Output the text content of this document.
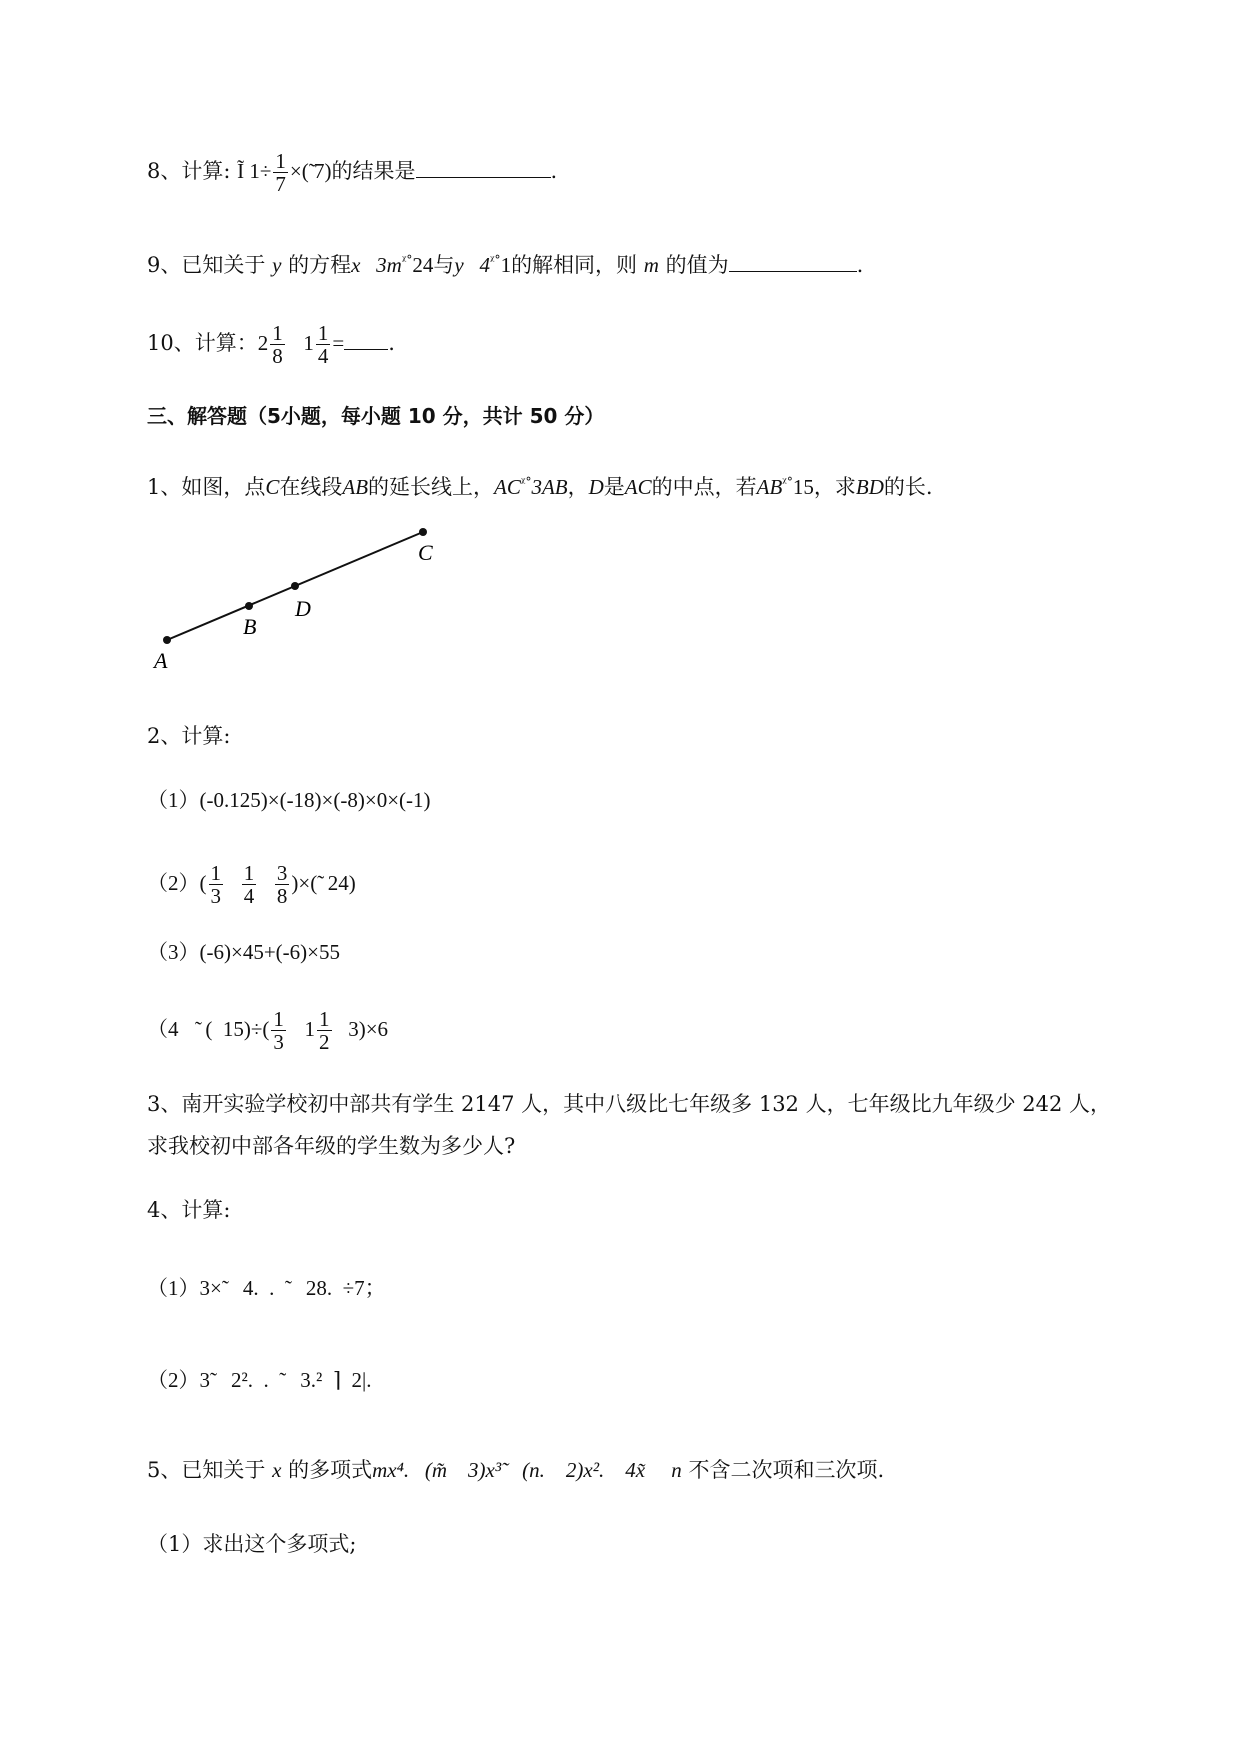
8、计算: Ĩ $1\div \frac{1}{7}$ ×(̃ 7)的结果是	.
9、已知关于 y 的方程x   $3m^{ᵡ^\circ}24$与y   $4^{ᵡ^\circ}1$的解相同，则 m 的值为	.
10、计算：$2 \frac{1}{8} 1 \frac{1}{4}$ = .
三、解答题（5小题，每小题 10 分，共计 50 分）
1、如图，点C在线段AB的延长线上，$AC^{ᵡ^\circ}3AB$，D是AC的中点，若$AB^{ᵡ^\circ}15$，求BD的长.
A
B
D
C
2、计算:
（1）(-0.125)×(-18)×(-8)×0×(-1)
$(2)( \frac{1}{3}$
$\frac{1}{4}$
$\frac{3}{8}$ )×(̃  24)
（3）(-6)×45+(-6)×55
（4）̃  (  $15)\div( \frac{1}{3} 1 \frac{1}{2} 3)\times 6$
3、南开实验学校初中部共有学生 2147 人，其中八级比七年级多 132 人，七年级比九年级少 242 人，
求我校初中部各年级的学生数为多少人?
4、计算:
（1）3×̃    4.  .  ̃    28.  ÷7；
（2）3̃    2².  .  ̃    3.²  ⌉  2|.
5、已知关于 x 的多项式mx⁴.   (m̃    3)x³̃    (n.    2)x².    4x̃     n 不含二次项和三次项.
（1）求出这个多项式;
